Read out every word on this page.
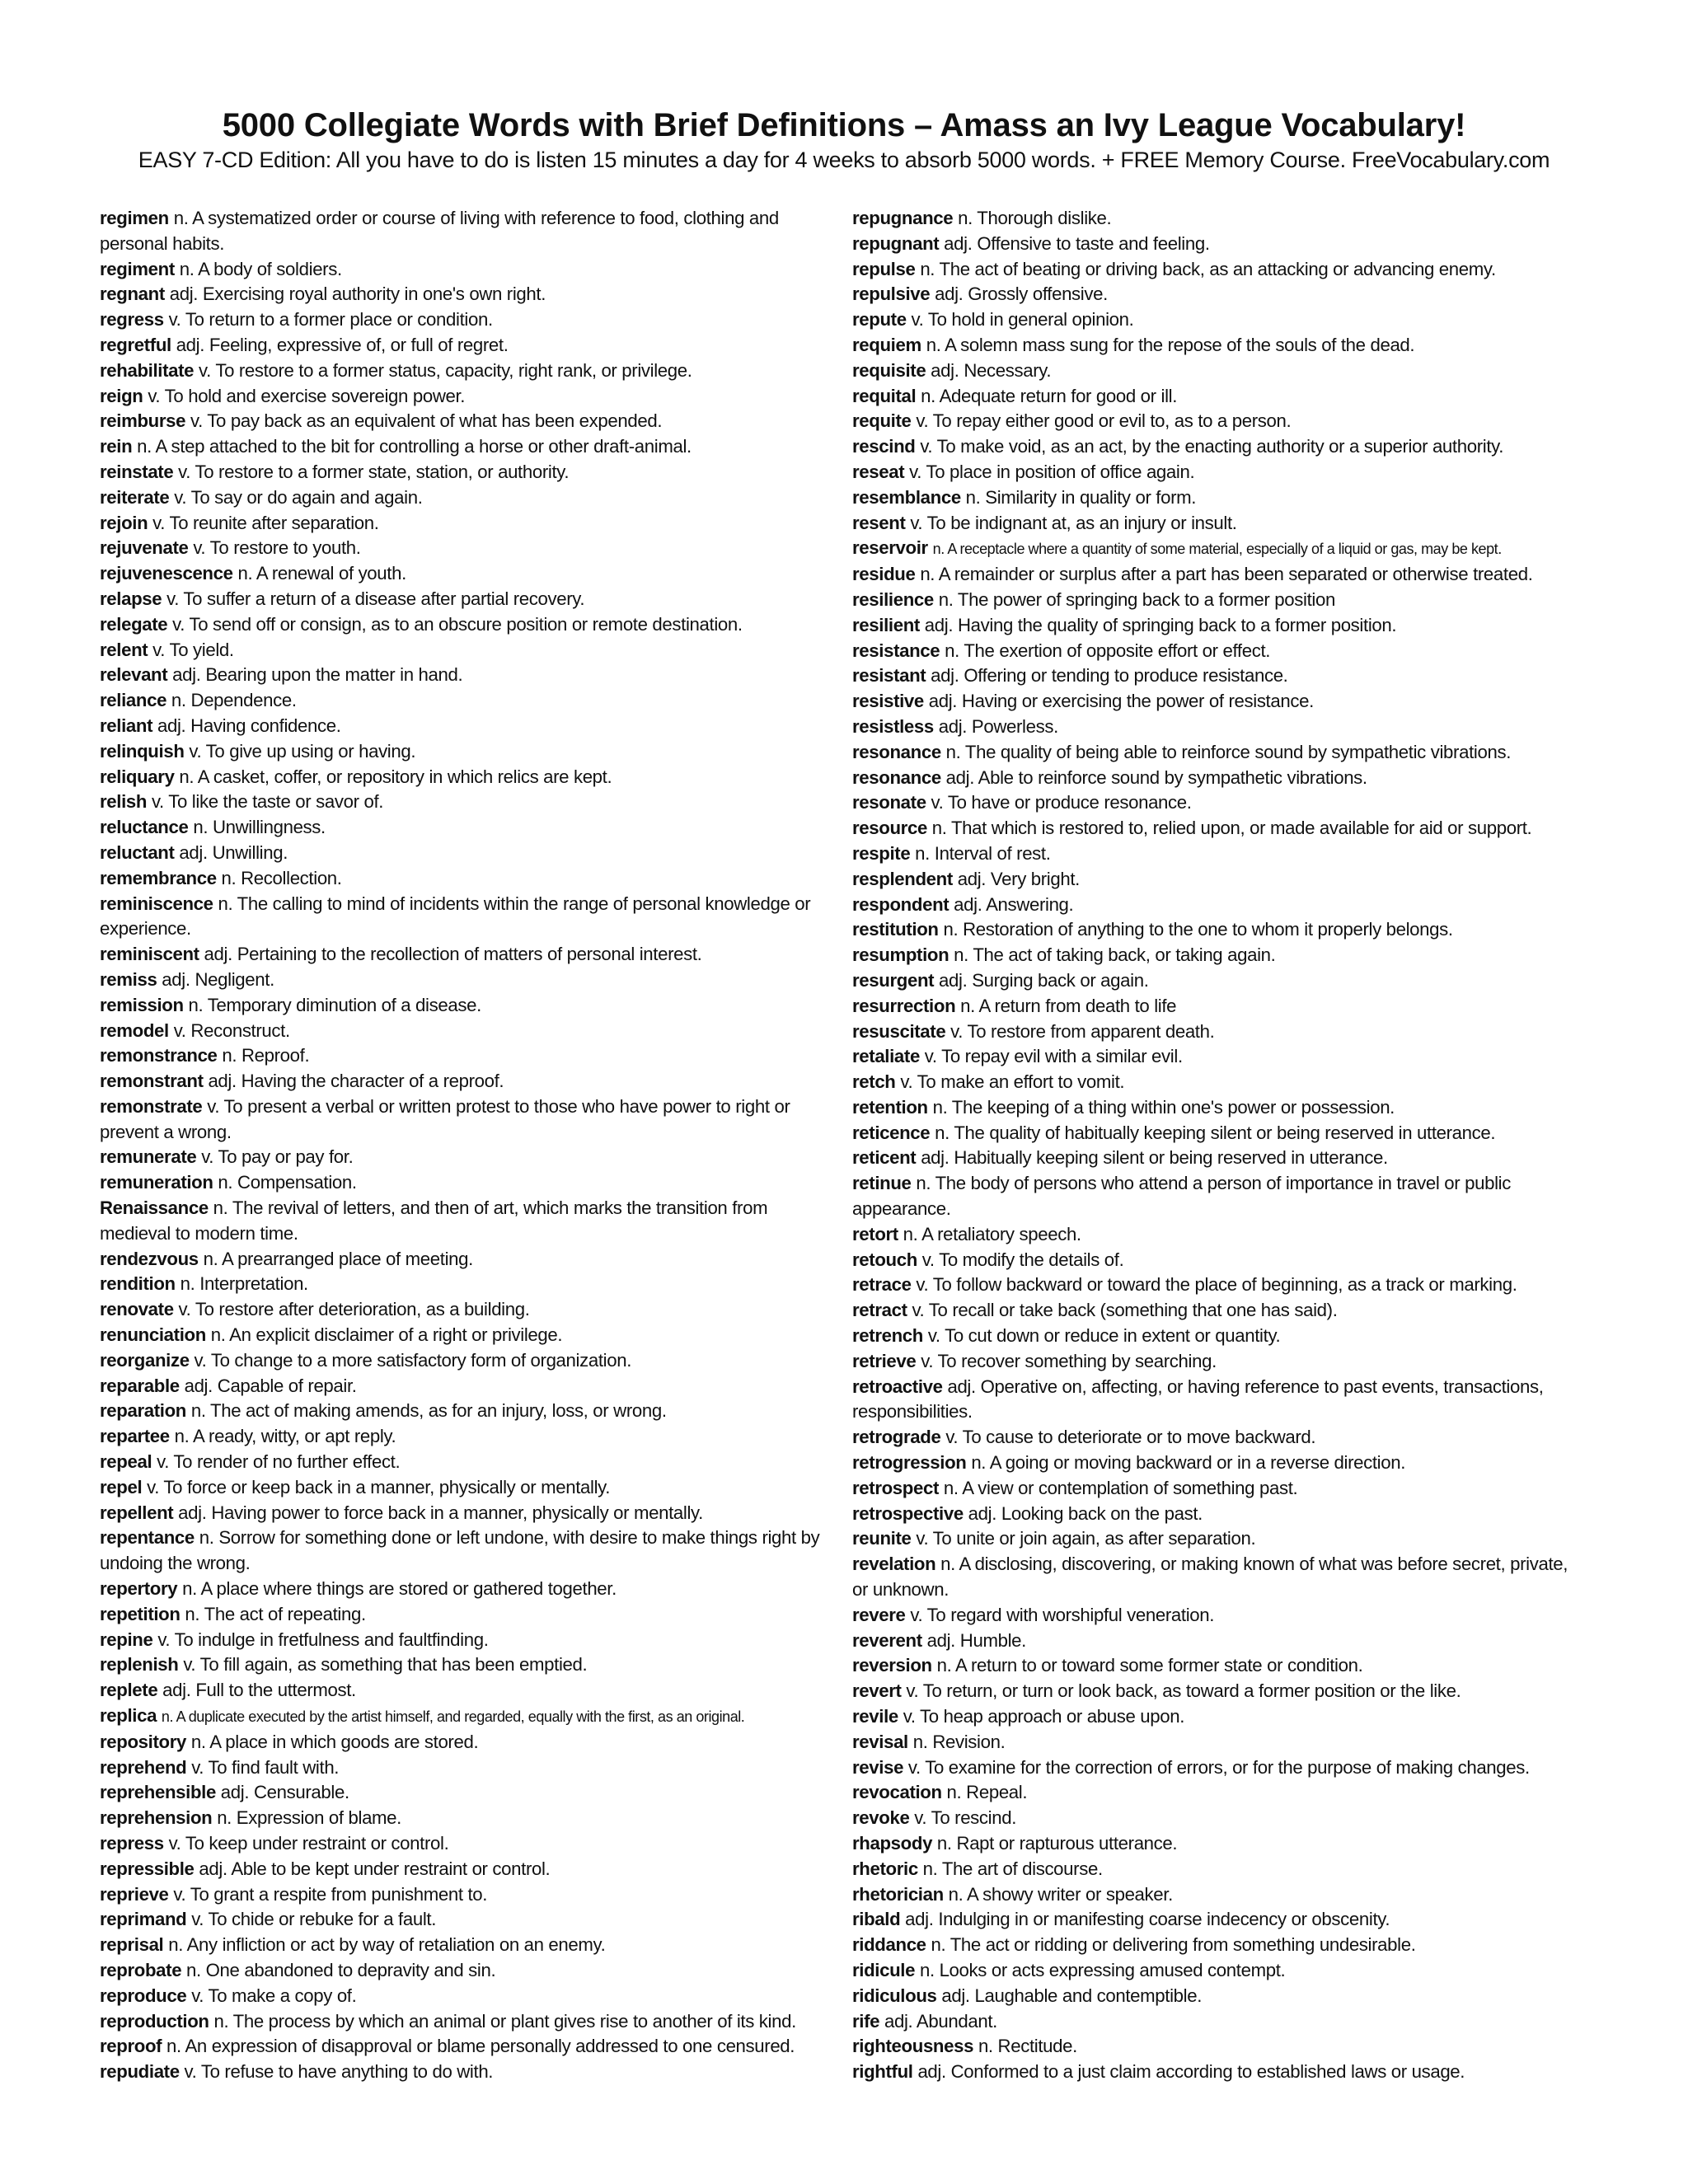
5000 Collegiate Words with Brief Definitions – Amass an Ivy League Vocabulary!

EASY 7-CD Edition: All you have to do is listen 15 minutes a day for 4 weeks to absorb 5000 words. + FREE Memory Course. FreeVocabulary.com

regimen n. A systematized order or course of living with reference to food, clothing and personal habits.
regiment n. A body of soldiers.
regnant adj. Exercising royal authority in one's own right.
regress v. To return to a former place or condition.
regretful adj. Feeling, expressive of, or full of regret.
rehabilitate v. To restore to a former status, capacity, right rank, or privilege.
reign v. To hold and exercise sovereign power.
reimburse v. To pay back as an equivalent of what has been expended.
rein n. A step attached to the bit for controlling a horse or other draft-animal.
reinstate v. To restore to a former state, station, or authority.
reiterate v. To say or do again and again.
rejoin v. To reunite after separation.
rejuvenate v. To restore to youth.
rejuvenescence n. A renewal of youth.
relapse v. To suffer a return of a disease after partial recovery.
relegate v. To send off or consign, as to an obscure position or remote destination.
relent v. To yield.
relevant adj. Bearing upon the matter in hand.
reliance n. Dependence.
reliant adj. Having confidence.
relinquish v. To give up using or having.
reliquary n. A casket, coffer, or repository in which relics are kept.
relish v. To like the taste or savor of.
reluctance n. Unwillingness.
reluctant adj. Unwilling.
remembrance n. Recollection.
reminiscence n. The calling to mind of incidents within the range of personal knowledge or experience.
reminiscent adj. Pertaining to the recollection of matters of personal interest.
remiss adj. Negligent.
remission n. Temporary diminution of a disease.
remodel v. Reconstruct.
remonstrance n. Reproof.
remonstrant adj. Having the character of a reproof.
remonstrate v. To present a verbal or written protest to those who have power to right or prevent a wrong.
remunerate v. To pay or pay for.
remuneration n. Compensation.
Renaissance n. The revival of letters, and then of art, which marks the transition from medieval to modern time.
rendezvous n. A prearranged place of meeting.
rendition n. Interpretation.
renovate v. To restore after deterioration, as a building.
renunciation n. An explicit disclaimer of a right or privilege.
reorganize v. To change to a more satisfactory form of organization.
reparable adj. Capable of repair.
reparation n. The act of making amends, as for an injury, loss, or wrong.
repartee n. A ready, witty, or apt reply.
repeal v. To render of no further effect.
repel v. To force or keep back in a manner, physically or mentally.
repellent adj. Having power to force back in a manner, physically or mentally.
repentance n. Sorrow for something done or left undone, with desire to make things right by undoing the wrong.
repertory n. A place where things are stored or gathered together.
repetition n. The act of repeating.
repine v. To indulge in fretfulness and faultfinding.
replenish v. To fill again, as something that has been emptied.
replete adj. Full to the uttermost.
replica n. A duplicate executed by the artist himself, and regarded, equally with the first, as an original.
repository n. A place in which goods are stored.
reprehend v. To find fault with.
reprehensible adj. Censurable.
reprehension n. Expression of blame.
repress v. To keep under restraint or control.
repressible adj. Able to be kept under restraint or control.
reprieve v. To grant a respite from punishment to.
reprimand v. To chide or rebuke for a fault.
reprisal n. Any infliction or act by way of retaliation on an enemy.
reprobate n. One abandoned to depravity and sin.
reproduce v. To make a copy of.
reproduction n. The process by which an animal or plant gives rise to another of its kind.
reproof n. An expression of disapproval or blame personally addressed to one censured.
repudiate v. To refuse to have anything to do with.
repugnance n. Thorough dislike.
repugnant adj. Offensive to taste and feeling.
repulse n. The act of beating or driving back, as an attacking or advancing enemy.
repulsive adj. Grossly offensive.
repute v. To hold in general opinion.
requiem n. A solemn mass sung for the repose of the souls of the dead.
requisite adj. Necessary.
requital n. Adequate return for good or ill.
requite v. To repay either good or evil to, as to a person.
rescind v. To make void, as an act, by the enacting authority or a superior authority.
reseat v. To place in position of office again.
resemblance n. Similarity in quality or form.
resent v. To be indignant at, as an injury or insult.
reservoir n. A receptacle where a quantity of some material, especially of a liquid or gas, may be kept.
residue n. A remainder or surplus after a part has been separated or otherwise treated.
resilience n. The power of springing back to a former position
resilient adj. Having the quality of springing back to a former position.
resistance n. The exertion of opposite effort or effect.
resistant adj. Offering or tending to produce resistance.
resistive adj. Having or exercising the power of resistance.
resistless adj. Powerless.
resonance n. The quality of being able to reinforce sound by sympathetic vibrations.
resonance adj. Able to reinforce sound by sympathetic vibrations.
resonate v. To have or produce resonance.
resource n. That which is restored to, relied upon, or made available for aid or support.
respite n. Interval of rest.
resplendent adj. Very bright.
respondent adj. Answering.
restitution n. Restoration of anything to the one to whom it properly belongs.
resumption n. The act of taking back, or taking again.
resurgent adj. Surging back or again.
resurrection n. A return from death to life
resuscitate v. To restore from apparent death.
retaliate v. To repay evil with a similar evil.
retch v. To make an effort to vomit.
retention n. The keeping of a thing within one's power or possession.
reticence n. The quality of habitually keeping silent or being reserved in utterance.
reticent adj. Habitually keeping silent or being reserved in utterance.
retinue n. The body of persons who attend a person of importance in travel or public appearance.
retort n. A retaliatory speech.
retouch v. To modify the details of.
retrace v. To follow backward or toward the place of beginning, as a track or marking.
retract v. To recall or take back (something that one has said).
retrench v. To cut down or reduce in extent or quantity.
retrieve v. To recover something by searching.
retroactive adj. Operative on, affecting, or having reference to past events, transactions, responsibilities.
retrograde v. To cause to deteriorate or to move backward.
retrogression n. A going or moving backward or in a reverse direction.
retrospect n. A view or contemplation of something past.
retrospective adj. Looking back on the past.
reunite v. To unite or join again, as after separation.
revelation n. A disclosing, discovering, or making known of what was before secret, private, or unknown.
revere v. To regard with worshipful veneration.
reverent adj. Humble.
reversion n. A return to or toward some former state or condition.
revert v. To return, or turn or look back, as toward a former position or the like.
revile v. To heap approach or abuse upon.
revisal n. Revision.
revise v. To examine for the correction of errors, or for the purpose of making changes.
revocation n. Repeal.
revoke v. To rescind.
rhapsody n. Rapt or rapturous utterance.
rhetoric n. The art of discourse.
rhetorician n. A showy writer or speaker.
ribald adj. Indulging in or manifesting coarse indecency or obscenity.
riddance n. The act or ridding or delivering from something undesirable.
ridicule n. Looks or acts expressing amused contempt.
ridiculous adj. Laughable and contemptible.
rife adj. Abundant.
righteousness n. Rectitude.
rightful adj. Conformed to a just claim according to established laws or usage.
